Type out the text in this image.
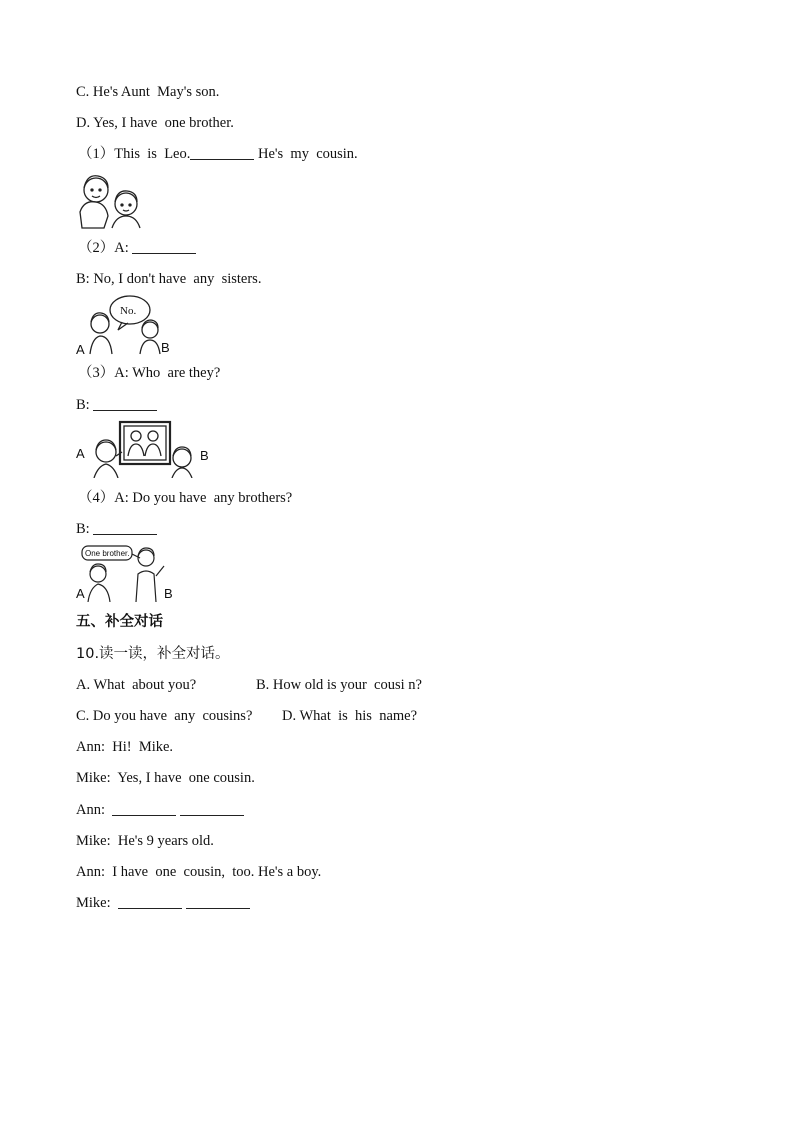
C. He's Aunt  May's son.
D. Yes, I have  one brother.
（1）This  is  Leo.	He's  my  cousin.
（2）A:
B: No, I don't have  any  sisters.
No.
A	B
（3）A: Who  are they?
B:
A	B
（4）A: Do you have  any brothers?
B:
One brother.
A	B
五、补全对话
10.读一读，补全对话。
A. What  about you?	B. How old is your  cousi n?
C. Do you have  any  cousins? D. What  is  his  name?
Ann:  Hi!  Mike.
Mike:  Yes, I have  one cousin.
Ann:
Mike:  He's 9 years old.
Ann:  I have  one  cousin,  too. He's a boy.
Mike:
